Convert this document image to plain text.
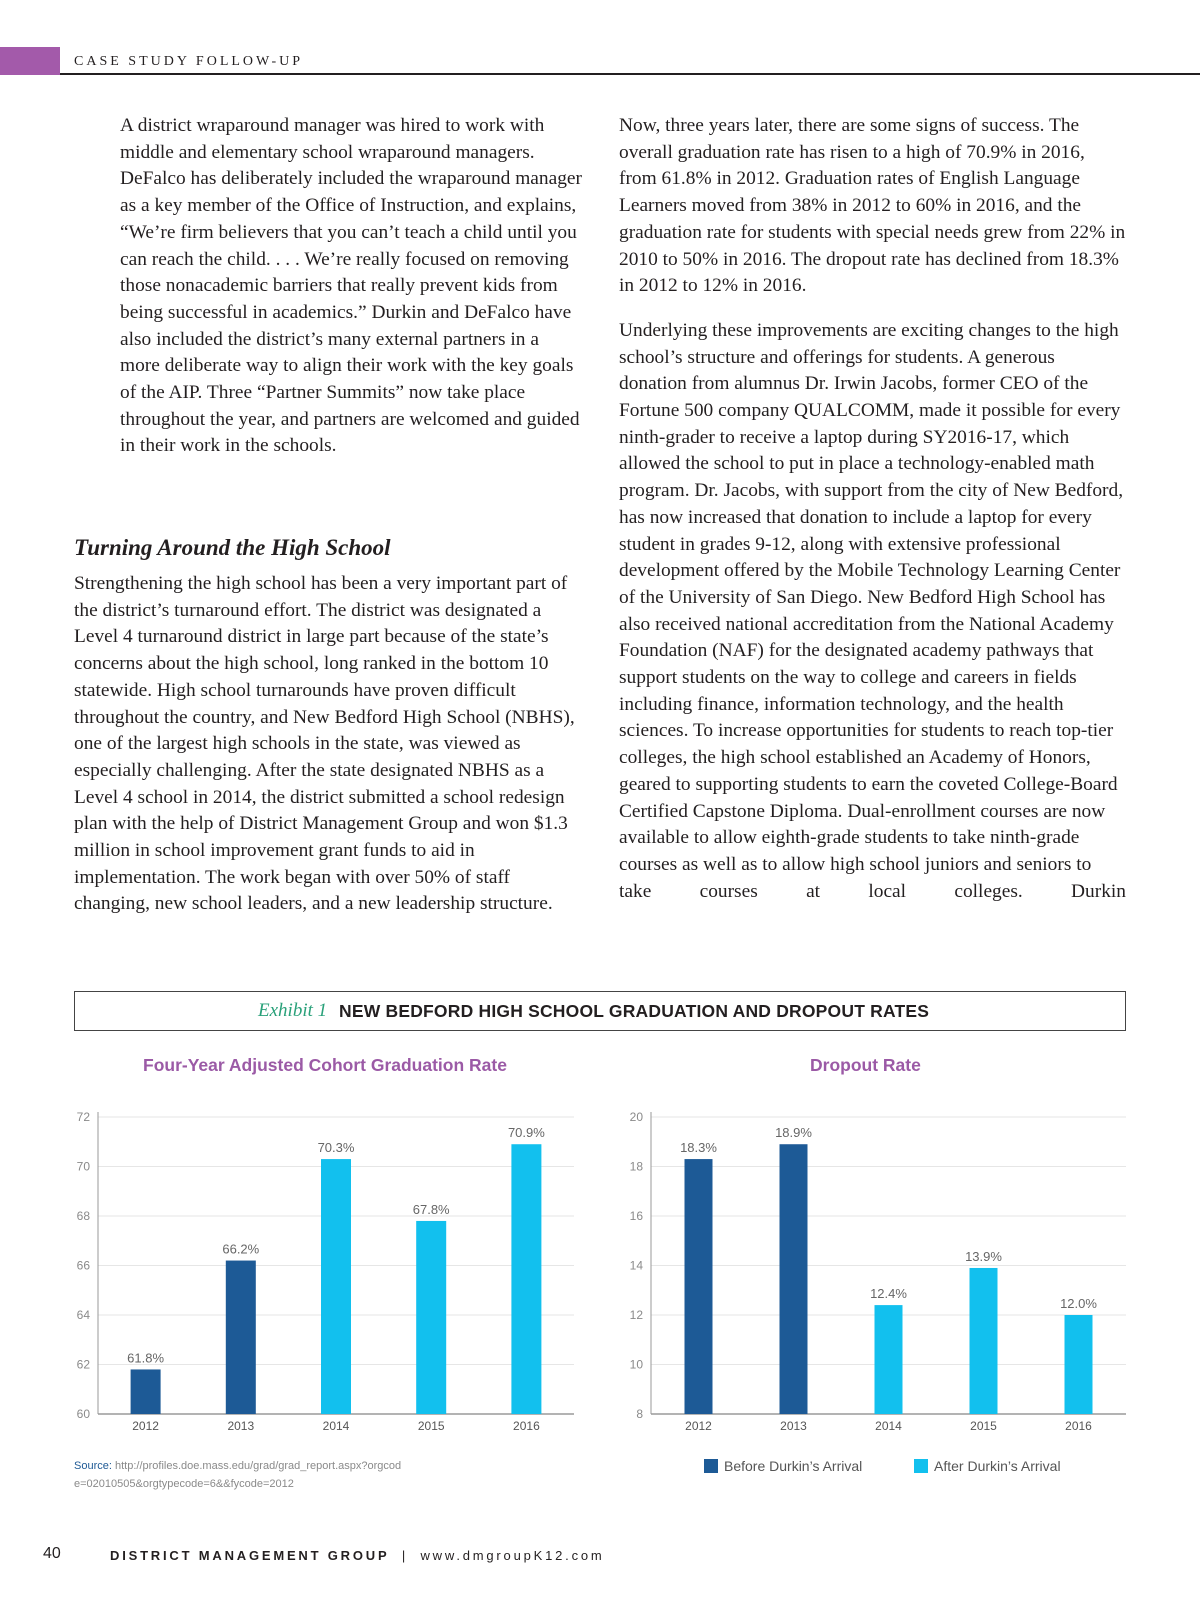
CASE STUDY FOLLOW-UP

A district wraparound manager was hired to work with middle and elementary school wraparound managers. DeFalco has deliberately included the wraparound manager as a key member of the Office of Instruction, and explains, “We’re firm believers that you can’t teach a child until you can reach the child. . . . We’re really focused on removing those nonacademic barriers that really prevent kids from being successful in academics.” Durkin and DeFalco have also included the district’s many external partners in a more deliberate way to align their work with the key goals of the AIP. Three “Partner Summits” now take place throughout the year, and partners are welcomed and guided in their work in the schools.

Turning Around the High School

Strengthening the high school has been a very important part of the district’s turnaround effort. The district was designated a Level 4 turnaround district in large part because of the state’s concerns about the high school, long ranked in the bottom 10 statewide. High school turnarounds have proven difficult throughout the country, and New Bedford High School (NBHS), one of the largest high schools in the state, was viewed as especially challenging. After the state designated NBHS as a Level 4 school in 2014, the district submitted a school redesign plan with the help of District Management Group and won $1.3 million in school improvement grant funds to aid in implementation. The work began with over 50% of staff changing, new school leaders, and a new leadership structure.

Now, three years later, there are some signs of success. The overall graduation rate has risen to a high of 70.9% in 2016, from 61.8% in 2012. Graduation rates of English Language Learners moved from 38% in 2012 to 60% in 2016, and the graduation rate for students with special needs grew from 22% in 2010 to 50% in 2016. The dropout rate has declined from 18.3% in 2012 to 12% in 2016.

Underlying these improvements are exciting changes to the high school’s structure and offerings for students. A generous donation from alumnus Dr. Irwin Jacobs, former CEO of the Fortune 500 company QUALCOMM, made it possible for every ninth-grader to receive a laptop during SY2016-17, which allowed the school to put in place a technology-enabled math program. Dr. Jacobs, with support from the city of New Bedford, has now increased that donation to include a laptop for every student in grades 9-12, along with extensive professional development offered by the Mobile Technology Learning Center of the University of San Diego. New Bedford High School has also received national accreditation from the National Academy Foundation (NAF) for the designated academy pathways that support students on the way to college and careers in fields including finance, information technology, and the health sciences. To increase opportunities for students to reach top-tier colleges, the high school established an Academy of Honors, geared to supporting students to earn the coveted College-Board Certified Capstone Diploma. Dual-enrollment courses are now available to allow eighth-grade students to take ninth-grade courses as well as to allow high school juniors and seniors to take courses at local colleges. Durkin

Exhibit 1 NEW BEDFORD HIGH SCHOOL GRADUATION AND DROPOUT RATES
Four-Year Adjusted Cohort Graduation Rate	Dropout Rate
60
62
64
66
68
70
72
61.8%
2012
66.2%
2013
70.3%
2014
67.8%
2015
70.9%
2016
8
10
12
14
16
18
20
18.3%
2012
18.9%
2013
12.4%
2014
13.9%
2015
12.0%
2016
Source: http://profiles.doe.mass.edu/grad/grad_report.aspx?orgcode=02010505&orgtypecode=6&&fycode=2012
Before Durkin’s Arrival	After Durkin’s Arrival
40	DISTRICT MANAGEMENT GROUP | www.dmgroupK12.com
